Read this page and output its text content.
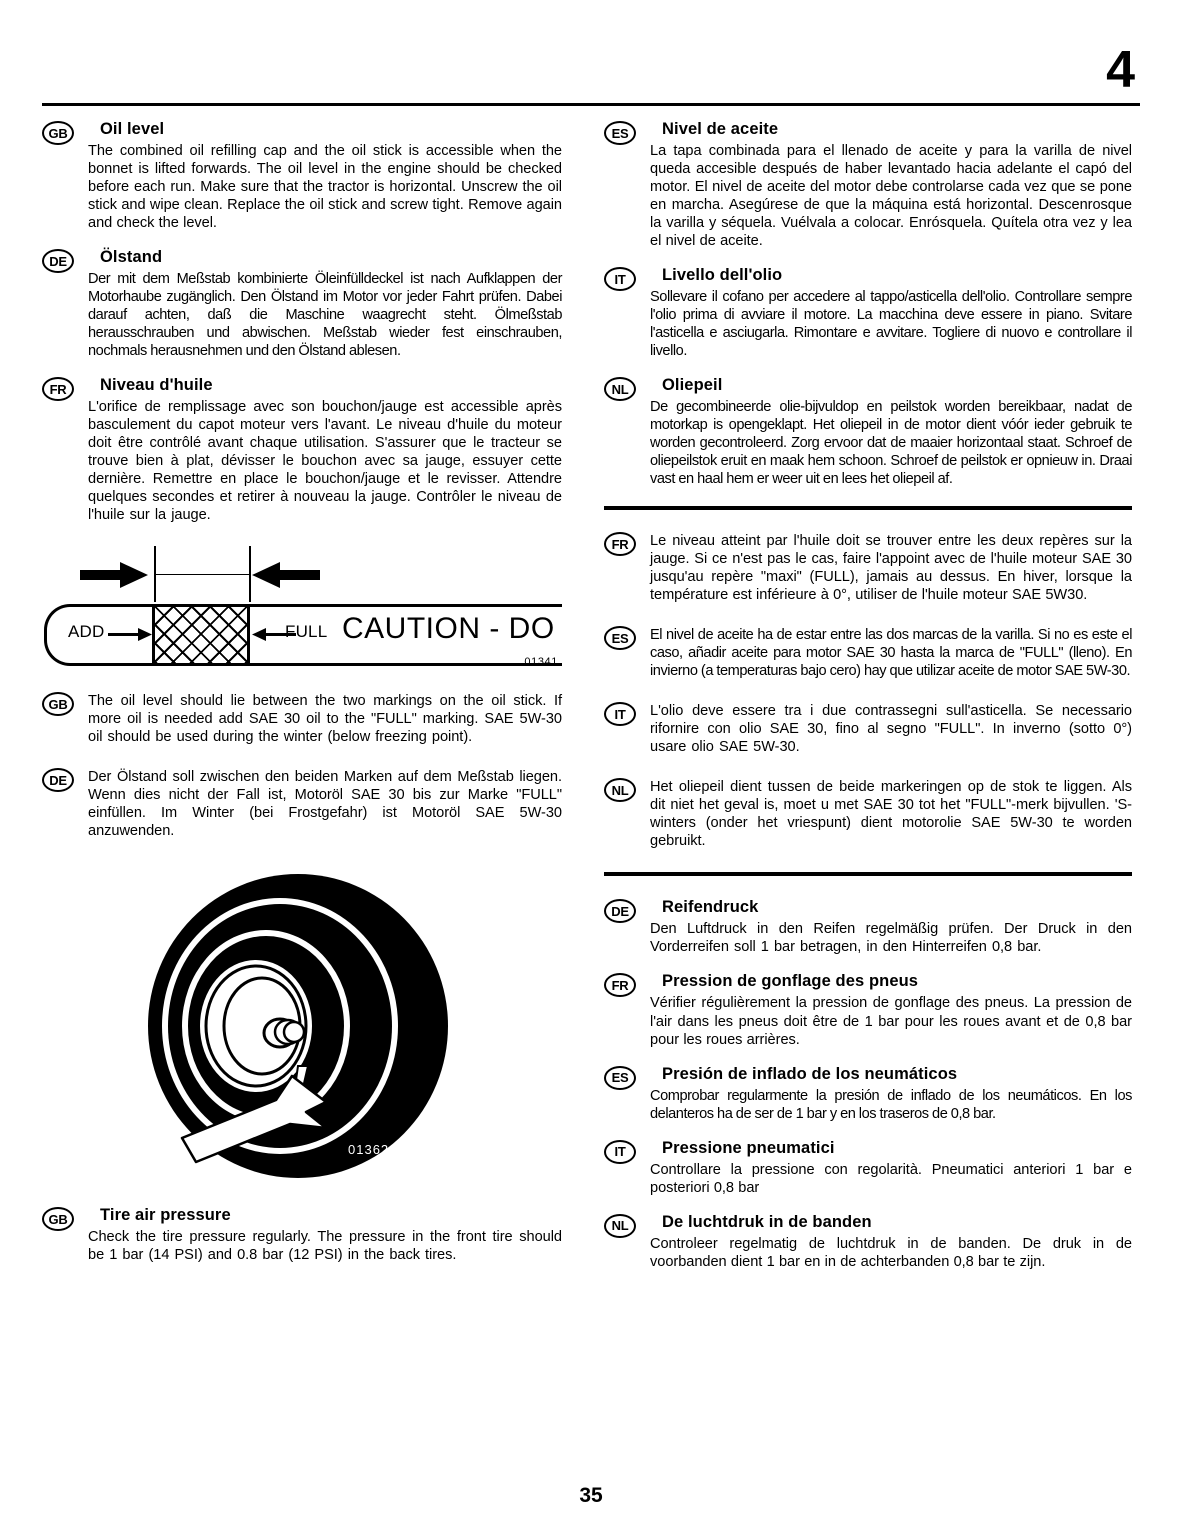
4
GB	Oil level

The combined oil refilling cap and the oil stick is accessible when the bonnet is lifted forwards. The oil level in the engine should be checked before each run. Make sure that the tractor is horizontal. Unscrew the oil stick and wipe clean. Replace the oil stick and screw tight. Remove again and check the level.

DE	Ölstand

Der mit dem Meßstab kombinierte Öleinfülldeckel ist nach Aufklappen der Motorhaube zugänglich. Den Ölstand im Motor vor jeder Fahrt prüfen. Dabei darauf achten, daß die Maschine waagrecht steht. Ölmeßstab herausschrauben und abwischen. Meßstab wieder fest einschrauben, nochmals herausnehmen und den Ölstand ablesen.

FR	Niveau d'huile

L'orifice de remplissage avec son bouchon/jauge est accessible après basculement du capot moteur vers l'avant. Le niveau d'huile du moteur doit être contrôlé avant chaque utilisation. S'assurer que le tracteur se trouve bien à plat, dévisser le bouchon avec sa jauge, essuyer cette dernière. Remettre en place le bouchon/jauge et le revisser. Attendre quelques secondes et retirer à nouveau la jauge. Contrôler le niveau de l'huile sur la jauge.

ADD	FULL CAUTION - DO
01341
GB	The oil level should lie between the two markings on the oil stick. If more oil is needed add SAE 30 oil to the "FULL" marking. SAE 5W-30 oil should be used during the winter (below freezing point).

DE	Der Ölstand soll zwischen den beiden Marken auf dem Meßstab liegen. Wenn dies nicht der Fall ist, Motoröl SAE 30 bis zur Marke "FULL" einfüllen. Im Winter (bei Frostgefahr) ist Motoröl SAE 5W-30 anzuwenden.

01362
GB	Tire air pressure

Check the tire pressure regularly. The pressure in the front tire should be 1 bar (14 PSI) and 0.8 bar (12 PSI) in the back tires.

ES	Nivel de aceite

La tapa combinada para el llenado de aceite y para la varilla de nivel queda accesible después de haber levantado hacia adelante el capó del motor. El nivel de aceite del motor debe controlarse cada vez que se pone en marcha. Asegúrese de que la máquina está horizontal. Descenrosque la varilla y séquela. Vuélvala a colocar. Enrósquela. Quítela otra vez y lea el nivel de aceite.

IT	Livello dell'olio

Sollevare il cofano per accedere al tappo/asticella dell'olio. Controllare sempre l'olio prima di avviare il motore. La macchina deve essere in piano. Svitare l'asticella e asciugarla. Rimontare e avvitare. Togliere di nuovo e controllare il livello.

NL	Oliepeil

De gecombineerde olie-bijvuldop en peilstok worden bereikbaar, nadat de motorkap is opengeklapt. Het oliepeil in de motor dient vóór ieder gebruik te worden gecontroleerd. Zorg ervoor dat de maaier horizontaal staat. Schroef de oliepeilstok eruit en maak hem schoon. Schroef de peilstok er opnieuw in. Draai vast en haal hem er weer uit en lees het oliepeil af.

FR	Le niveau atteint par l'huile doit se trouver entre les deux repères sur la jauge. Si ce n'est pas le cas, faire l'appoint avec de l'huile moteur SAE 30 jusqu'au repère "maxi" (FULL), jamais au dessus. En hiver, lorsque la température est inférieure à 0°, utiliser de l'huile moteur SAE 5W30.

ES	El nivel de aceite ha de estar entre las dos marcas de la varilla. Si no es este el caso, añadir aceite para motor SAE 30 hasta la marca de "FULL" (lleno). En invierno (a temperaturas bajo cero) hay que utilizar aceite de motor SAE 5W-30.

IT	L'olio deve essere tra i due contrassegni sull'asticella. Se necessario rifornire con olio SAE 30, fino al segno "FULL". In inverno (sotto 0°) usare olio SAE 5W-30.

NL	Het oliepeil dient tussen de beide markeringen op de stok te liggen. Als dit niet het geval is, moet u met SAE 30 tot het "FULL"-merk bijvullen. 'S-winters (onder het vriespunt) dient motorolie SAE 5W-30 te worden gebruikt.

DE	Reifendruck

Den Luftdruck in den Reifen regelmäßig prüfen. Der Druck in den Vorderreifen soll 1 bar betragen, in den Hinterreifen 0,8 bar.

FR	Pression de gonflage des pneus

Vérifier régulièrement la pression de gonflage des pneus. La pression de l'air dans les pneus doit être de 1 bar pour les roues avant et de 0,8 bar pour les roues arrières.

ES	Presión de inflado de los neumáticos

Comprobar regularmente la presión de inflado de los neumáticos. En los delanteros ha de ser de 1 bar y en los traseros de 0,8 bar.

IT	Pressione pneumatici

Controllare la pressione con regolarità. Pneumatici anteriori 1 bar e posteriori 0,8 bar

NL	De luchtdruk in de banden

Controleer regelmatig de luchtdruk in de banden. De druk in de voorbanden dient 1 bar en in de achterbanden 0,8 bar te zijn.

35
